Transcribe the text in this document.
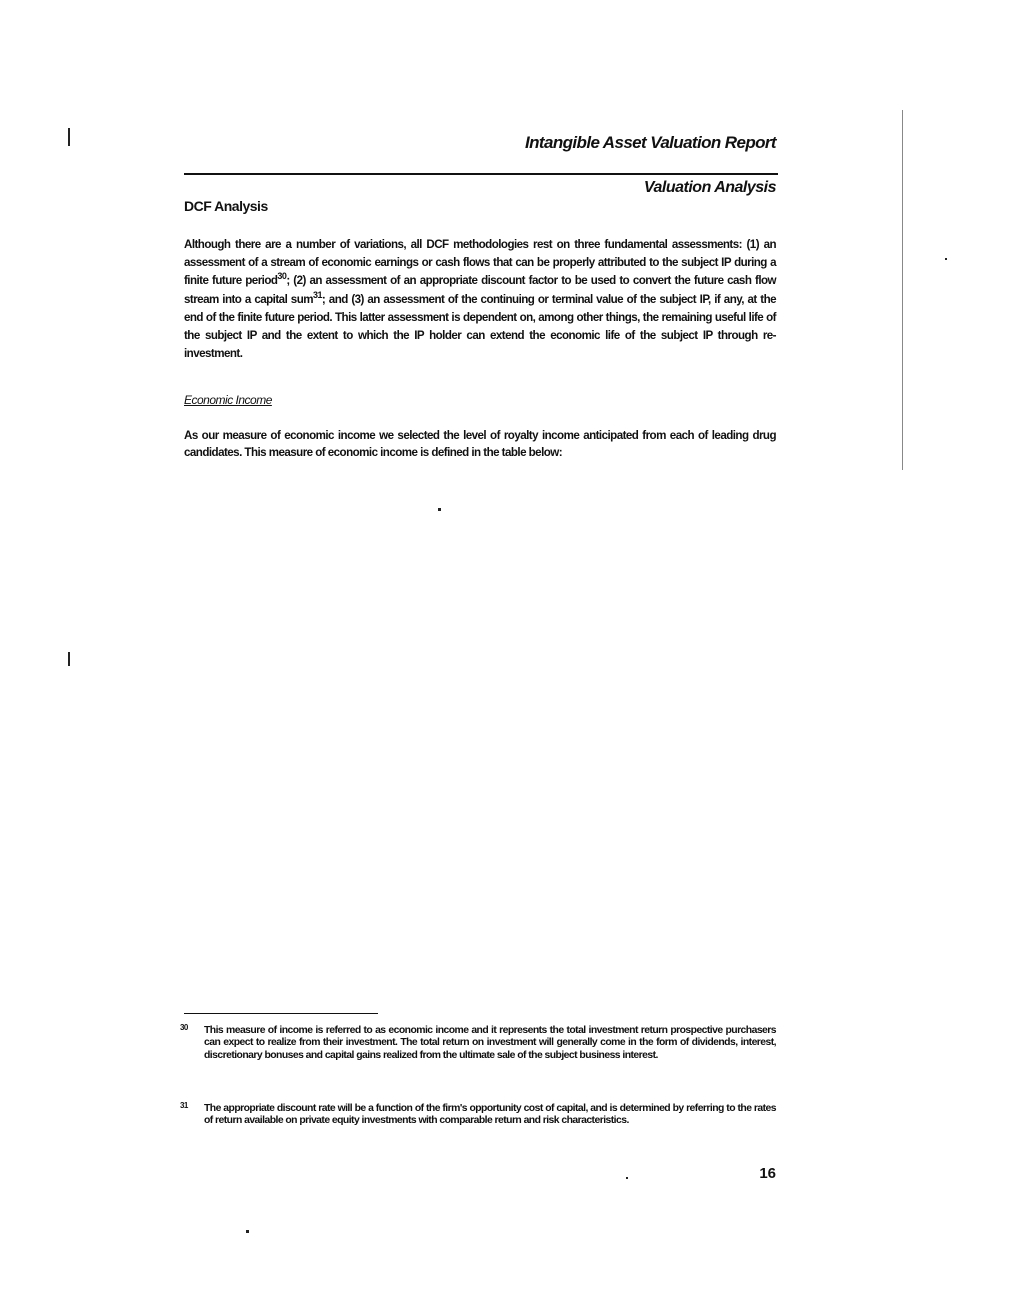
Intangible Asset Valuation Report
Valuation Analysis
DCF Analysis

Although there are a number of variations, all DCF methodologies rest on three fundamental assessments: (1) an assessment of a stream of economic earnings or cash flows that can be properly attributed to the subject IP during a finite future period$^{30}$; (2) an assessment of an appropriate discount factor to be used to convert the future cash flow stream into a capital sum$^{31}$; and (3) an assessment of the continuing or terminal value of the subject IP, if any, at the end of the finite future period. This latter assessment is dependent on, among other things, the remaining useful life of the subject IP and the extent to which the IP holder can extend the economic life of the subject IP through re-investment.

Economic Income

As our measure of economic income we selected the level of royalty income anticipated from each of leading drug candidates. This measure of economic income is defined in the table below:

30 This measure of income is referred to as economic income and it represents the total investment return prospective purchasers can expect to realize from their investment. The total return on investment will generally come in the form of dividends, interest, discretionary bonuses and capital gains realized from the ultimate sale of the subject business interest.
31 The appropriate discount rate will be a function of the firm's opportunity cost of capital, and is determined by referring to the rates of return available on private equity investments with comparable return and risk characteristics.
16
